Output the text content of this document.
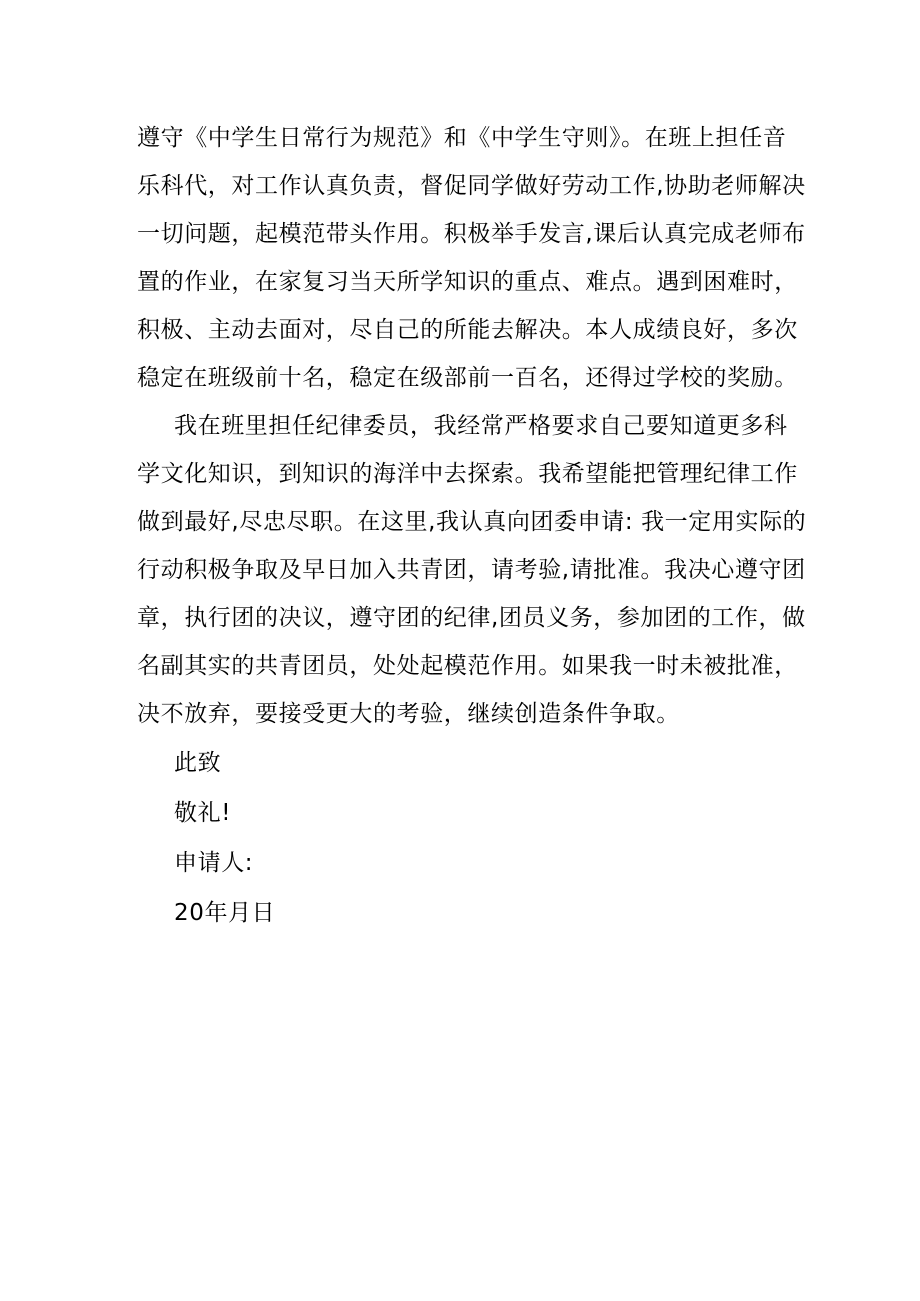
遵守《中学生日常行为规范》和《中学生守则》。在班上担任音
乐科代，对工作认真负责，督促同学做好劳动工作,协助老师解决
一切问题，起模范带头作用。积极举手发言,课后认真完成老师布
置的作业，在家复习当天所学知识的重点、难点。遇到困难时，
积极、主动去面对，尽自己的所能去解决。本人成绩良好，多次
稳定在班级前十名，稳定在级部前一百名，还得过学校的奖励。
我在班里担任纪律委员，我经常严格要求自己要知道更多科
学文化知识，到知识的海洋中去探索。我希望能把管理纪律工作
做到最好,尽忠尽职。在这里,我认真向团委申请: 我一定用实际的
行动积极争取及早日加入共青团，请考验,请批准。我决心遵守团
章，执行团的决议，遵守团的纪律,团员义务，参加团的工作，做
名副其实的共青团员，处处起模范作用。如果我一时未被批准，
决不放弃，要接受更大的考验，继续创造条件争取。
此致
敬礼!
申请人:
20年月日
